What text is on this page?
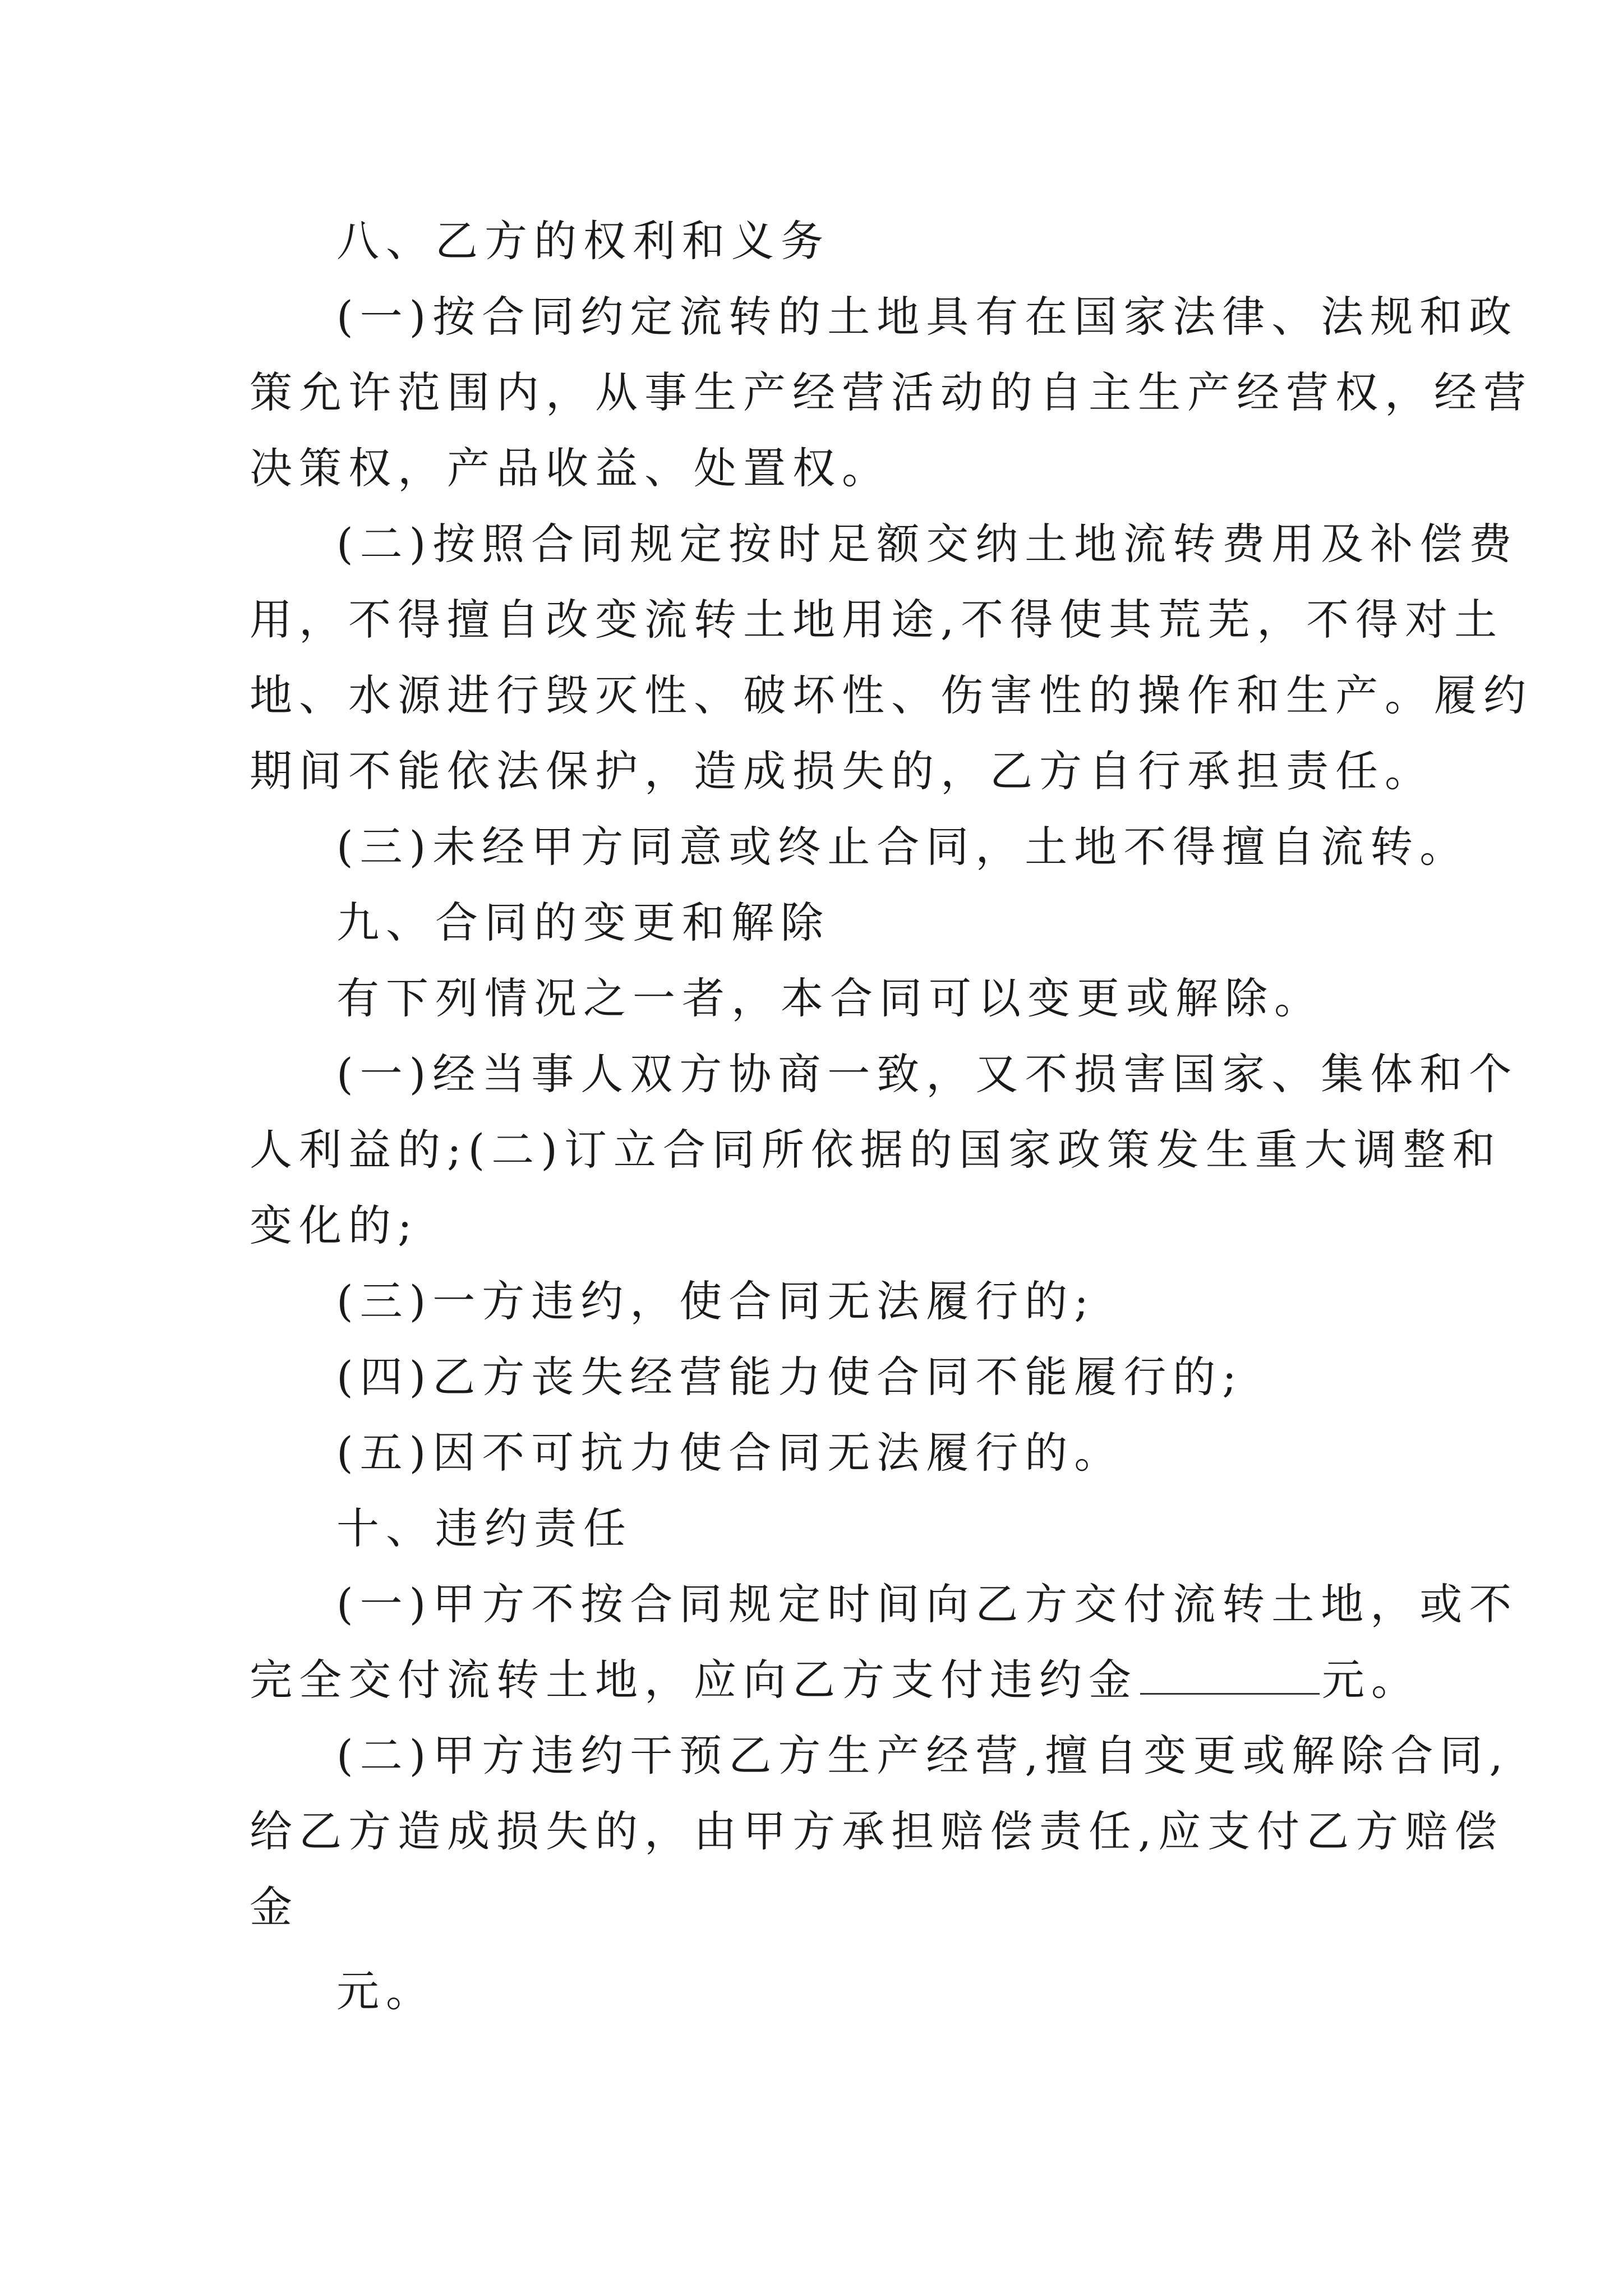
八、乙方的权利和义务
(一)按合同约定流转的土地具有在国家法律、法规和政
策允许范围内，从事生产经营活动的自主生产经营权，经营
决策权，产品收益、处置权。
(二)按照合同规定按时足额交纳土地流转费用及补偿费
用，不得擅自改变流转土地用途,不得使其荒芜，不得对土
地、水源进行毁灭性、破坏性、伤害性的操作和生产。履约
期间不能依法保护，造成损失的，乙方自行承担责任。
(三)未经甲方同意或终止合同，土地不得擅自流转。
九、合同的变更和解除
有下列情况之一者，本合同可以变更或解除。
(一)经当事人双方协商一致，又不损害国家、集体和个
人利益的;(二)订立合同所依据的国家政策发生重大调整和
变化的;
(三)一方违约，使合同无法履行的;
(四)乙方丧失经营能力使合同不能履行的;
(五)因不可抗力使合同无法履行的。
十、违约责任
(一)甲方不按合同规定时间向乙方交付流转土地，或不
完全交付流转土地，应向乙方支付违约金	元。
(二)甲方违约干预乙方生产经营,擅自变更或解除合同,
给乙方造成损失的，由甲方承担赔偿责任,应支付乙方赔偿
金
元。
